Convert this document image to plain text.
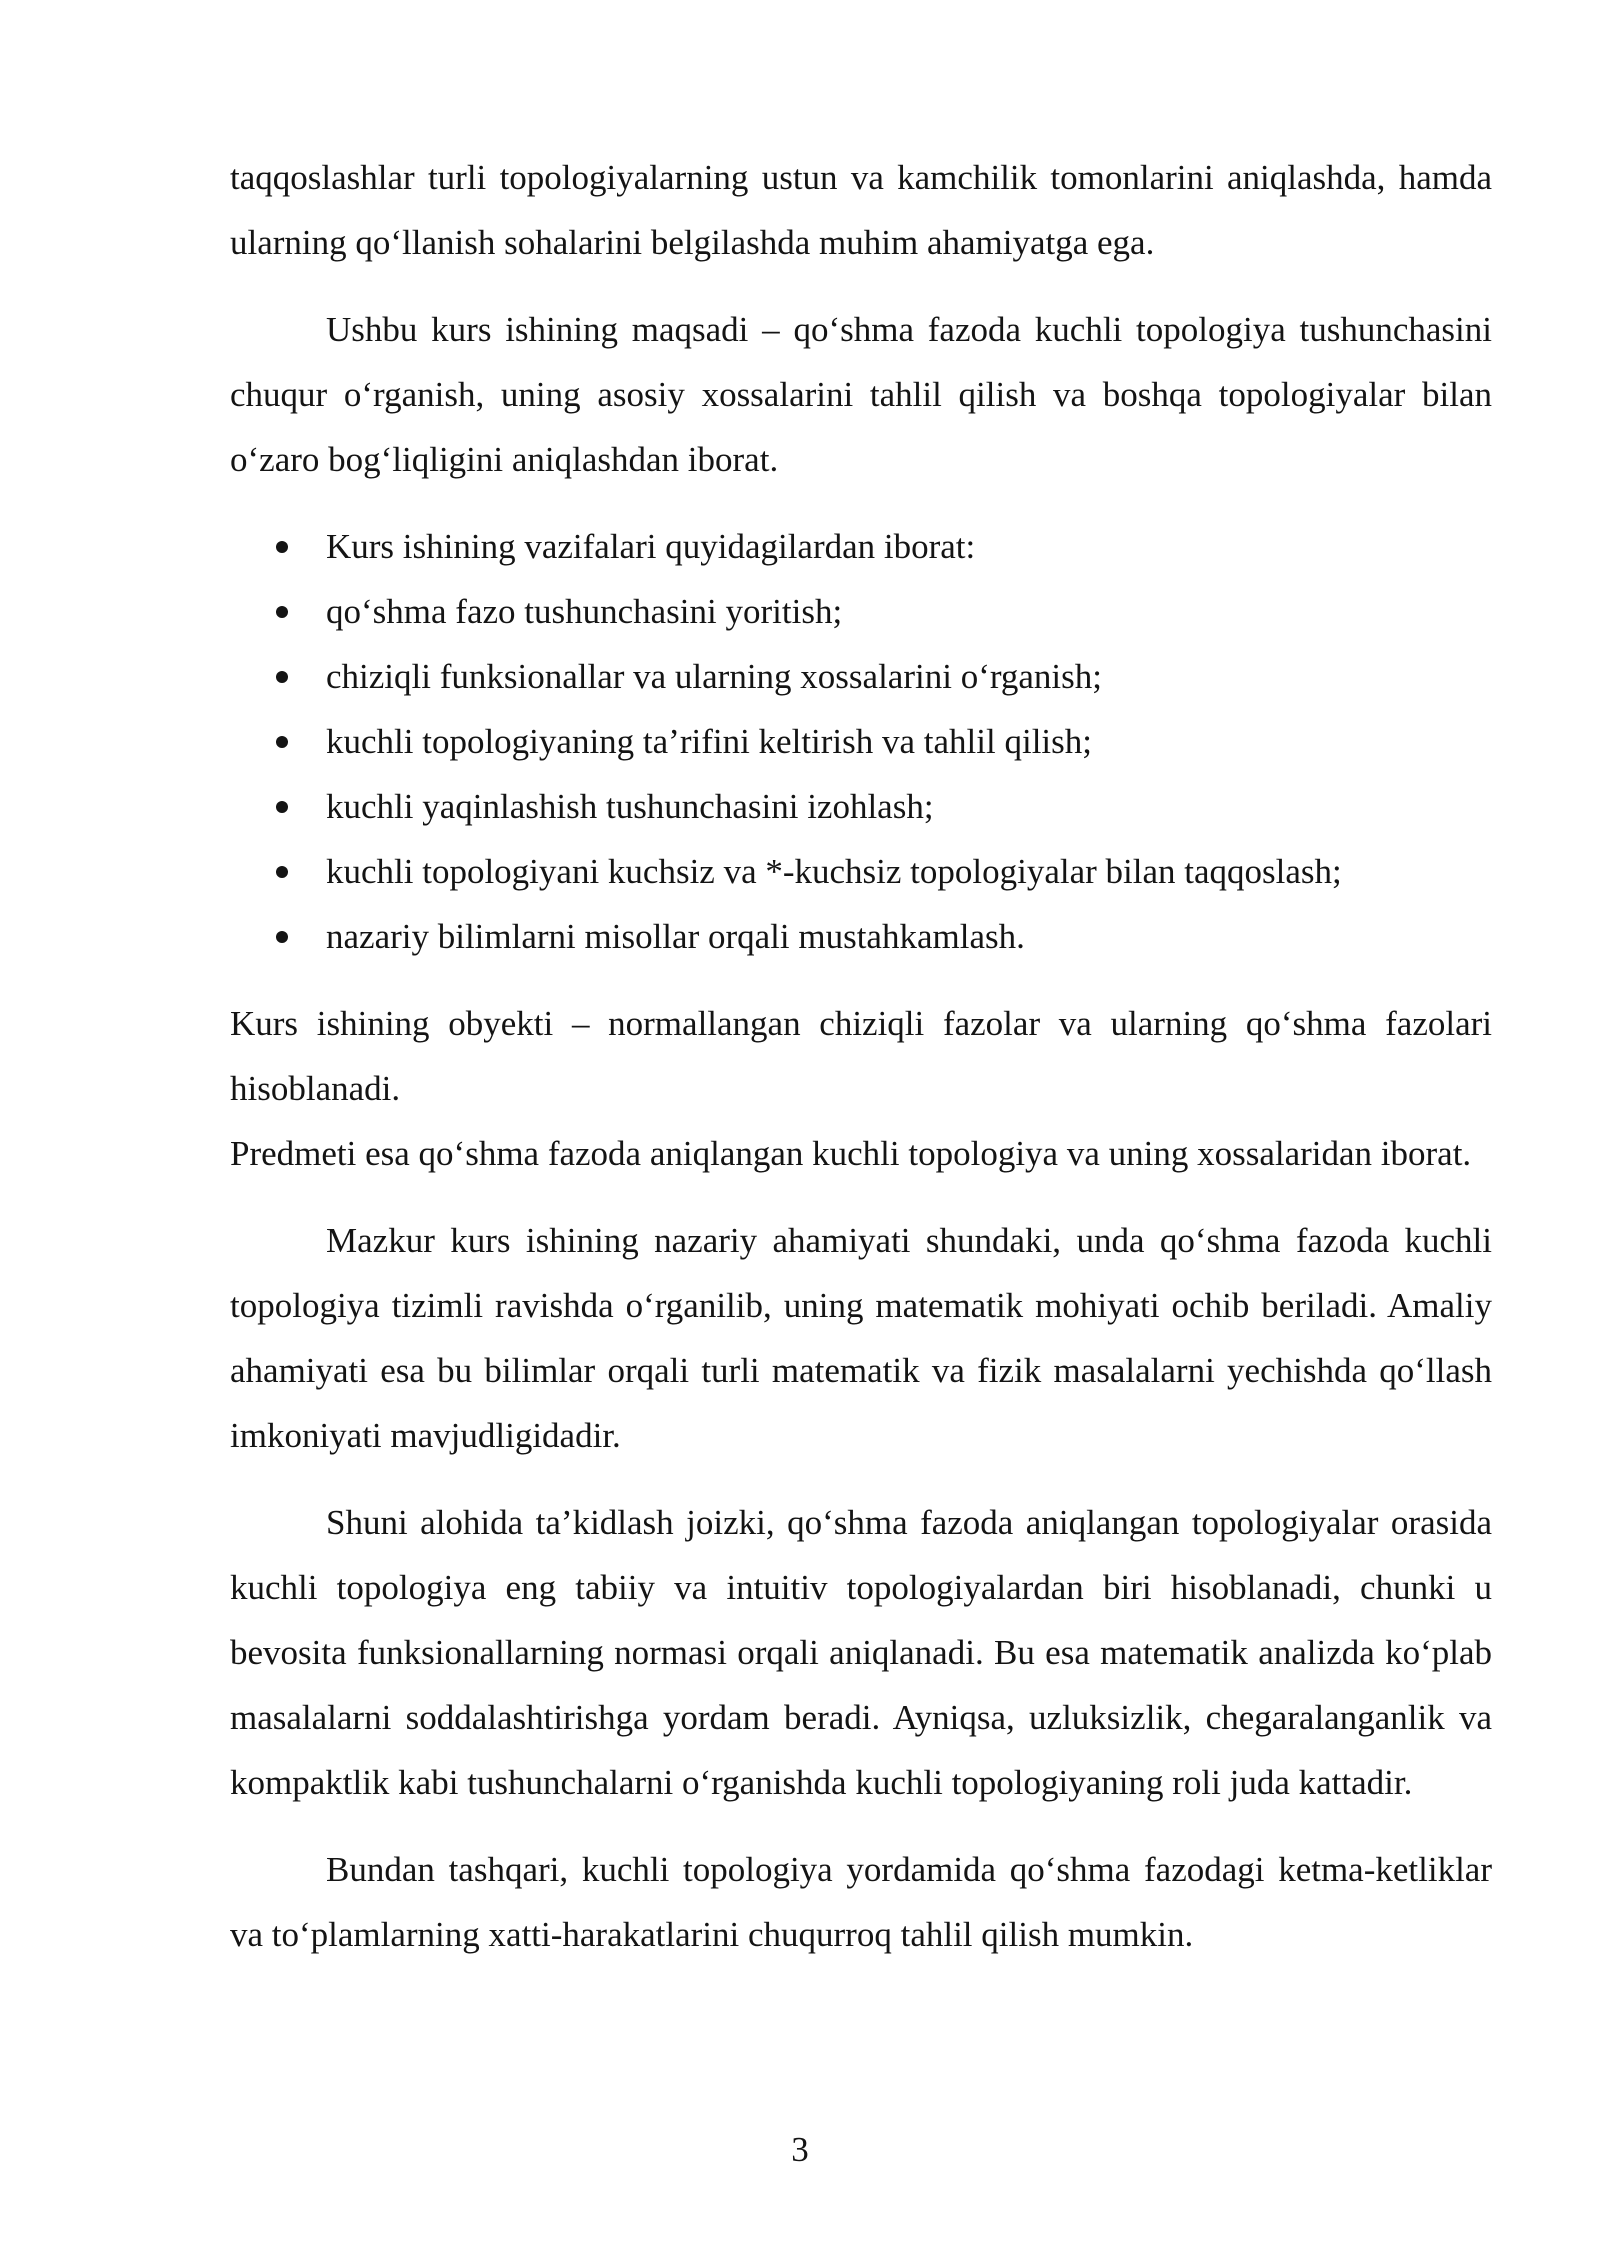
taqqoslashlar turli topologiyalarning ustun va kamchilik tomonlarini aniqlashda, hamda ularning qo‘llanish sohalarini belgilashda muhim ahamiyatga ega.

Ushbu kurs ishining maqsadi – qo‘shma fazoda kuchli topologiya tushunchasini chuqur o‘rganish, uning asosiy xossalarini tahlil qilish va boshqa topologiyalar bilan o‘zaro bog‘liqligini aniqlashdan iborat.

Kurs ishining vazifalari quyidagilardan iborat:
qo‘shma fazo tushunchasini yoritish;
chiziqli funksionallar va ularning xossalarini o‘rganish;
kuchli topologiyaning ta’rifini keltirish va tahlil qilish;
kuchli yaqinlashish tushunchasini izohlash;
kuchli topologiyani kuchsiz va *-kuchsiz topologiyalar bilan taqqoslash;
nazariy bilimlarni misollar orqali mustahkamlash.

Kurs ishining obyekti – normallangan chiziqli fazolar va ularning qo‘shma fazolari hisoblanadi.

Predmeti esa qo‘shma fazoda aniqlangan kuchli topologiya va uning xossalaridan iborat.

Mazkur kurs ishining nazariy ahamiyati shundaki, unda qo‘shma fazoda kuchli topologiya tizimli ravishda o‘rganilib, uning matematik mohiyati ochib beriladi. Amaliy ahamiyati esa bu bilimlar orqali turli matematik va fizik masalalarni yechishda qo‘llash imkoniyati mavjudligidadir.

Shuni alohida ta’kidlash joizki, qo‘shma fazoda aniqlangan topologiyalar orasida kuchli topologiya eng tabiiy va intuitiv topologiyalardan biri hisoblanadi, chunki u bevosita funksionallarning normasi orqali aniqlanadi. Bu esa matematik analizda ko‘plab masalalarni soddalashtirishga yordam beradi. Ayniqsa, uzluksizlik, chegaralanganlik va kompaktlik kabi tushunchalarni o‘rganishda kuchli topologiyaning roli juda kattadir.

Bundan tashqari, kuchli topologiya yordamida qo‘shma fazodagi ketma-ketliklar va to‘plamlarning xatti-harakatlarini chuqurroq tahlil qilish mumkin.

3
